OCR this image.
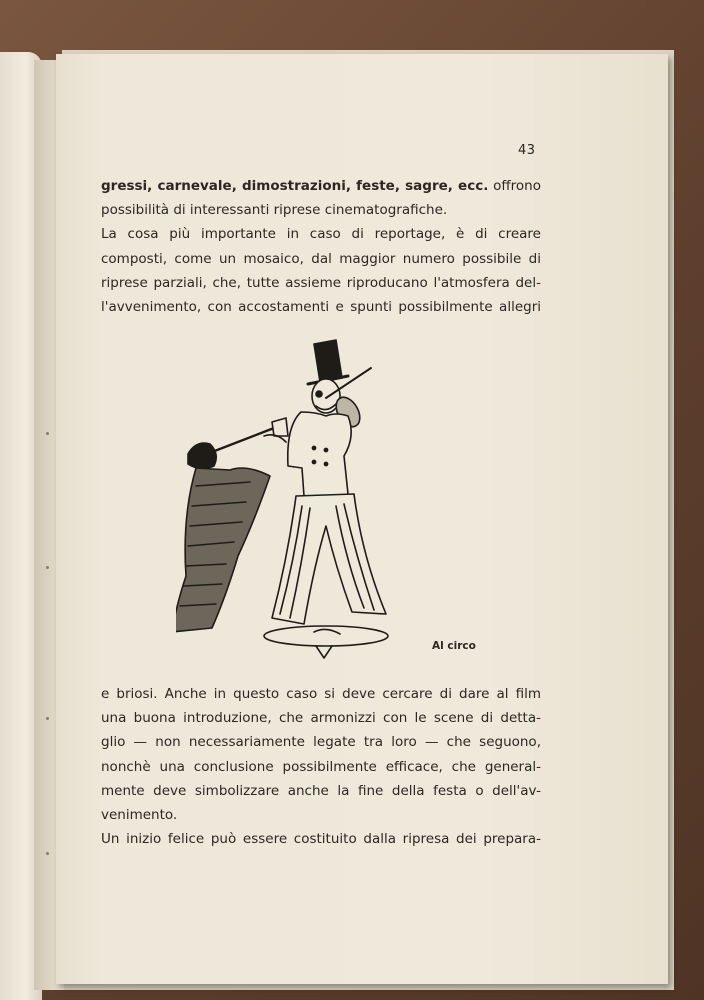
43
gressi, carnevale, dimostrazioni, feste, sagre, ecc. offrono
possibilità di interessanti riprese cinematografiche.
La cosa più importante in caso di reportage, è di creare
composti, come un mosaico, dal maggior numero possibile di
riprese parziali, che, tutte assieme riproducano l'atmosfera del-
l'avvenimento, con accostamenti e spunti possibilmente allegri
Al circo
e briosi. Anche in questo caso si deve cercare di dare al film
una buona introduzione, che armonizzi con le scene di detta-
glio — non necessariamente legate tra loro — che seguono,
nonchè una conclusione possibilmente efficace, che general-
mente deve simbolizzare anche la fine della festa o dell'av-
venimento.
Un inizio felice può essere costituito dalla ripresa dei prepara-
